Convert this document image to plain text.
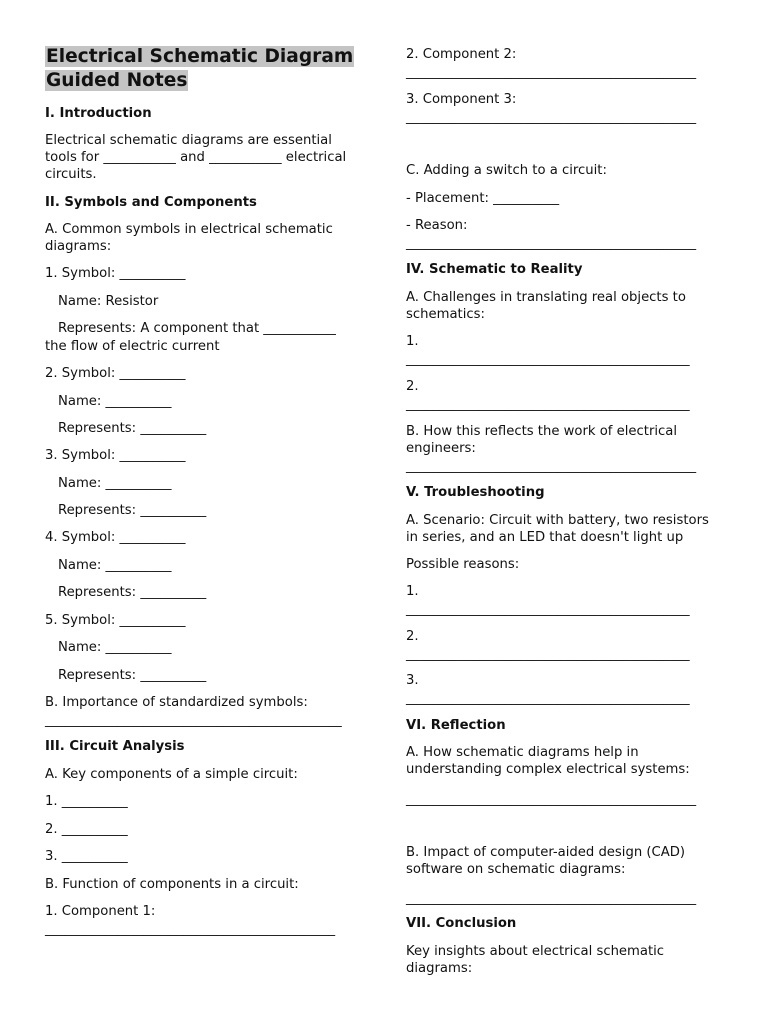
Electrical Schematic Diagram
Guided Notes

I. Introduction

Electrical schematic diagrams are essential

tools for ___________ and ___________ electrical

circuits.

II. Symbols and Components

A. Common symbols in electrical schematic

diagrams:

1. Symbol: __________

Name: Resistor

Represents: A component that ___________

the flow of electric current

2. Symbol: __________

Name: __________

Represents: __________

3. Symbol: __________

Name: __________

Represents: __________

4. Symbol: __________

Name: __________

Represents: __________

5. Symbol: __________

Name: __________

Represents: __________

B. Importance of standardized symbols:

_____________________________________________

III. Circuit Analysis

A. Key components of a simple circuit:

1. __________

2. __________

3. __________

B. Function of components in a circuit:

1. Component 1:

____________________________________________

2. Component 2:

____________________________________________

3. Component 3:

____________________________________________

C. Adding a switch to a circuit:

- Placement: __________

- Reason:

____________________________________________

IV. Schematic to Reality

A. Challenges in translating real objects to

schematics:

1.

___________________________________________

2.

___________________________________________

B. How this reflects the work of electrical

engineers:

____________________________________________

V. Troubleshooting

A. Scenario: Circuit with battery, two resistors

in series, and an LED that doesn't light up

Possible reasons:

1.

___________________________________________

2.

___________________________________________

3.

___________________________________________

VI. Reflection

A. How schematic diagrams help in

understanding complex electrical systems:

____________________________________________

B. Impact of computer-aided design (CAD)

software on schematic diagrams:

____________________________________________

VII. Conclusion

Key insights about electrical schematic

diagrams:
